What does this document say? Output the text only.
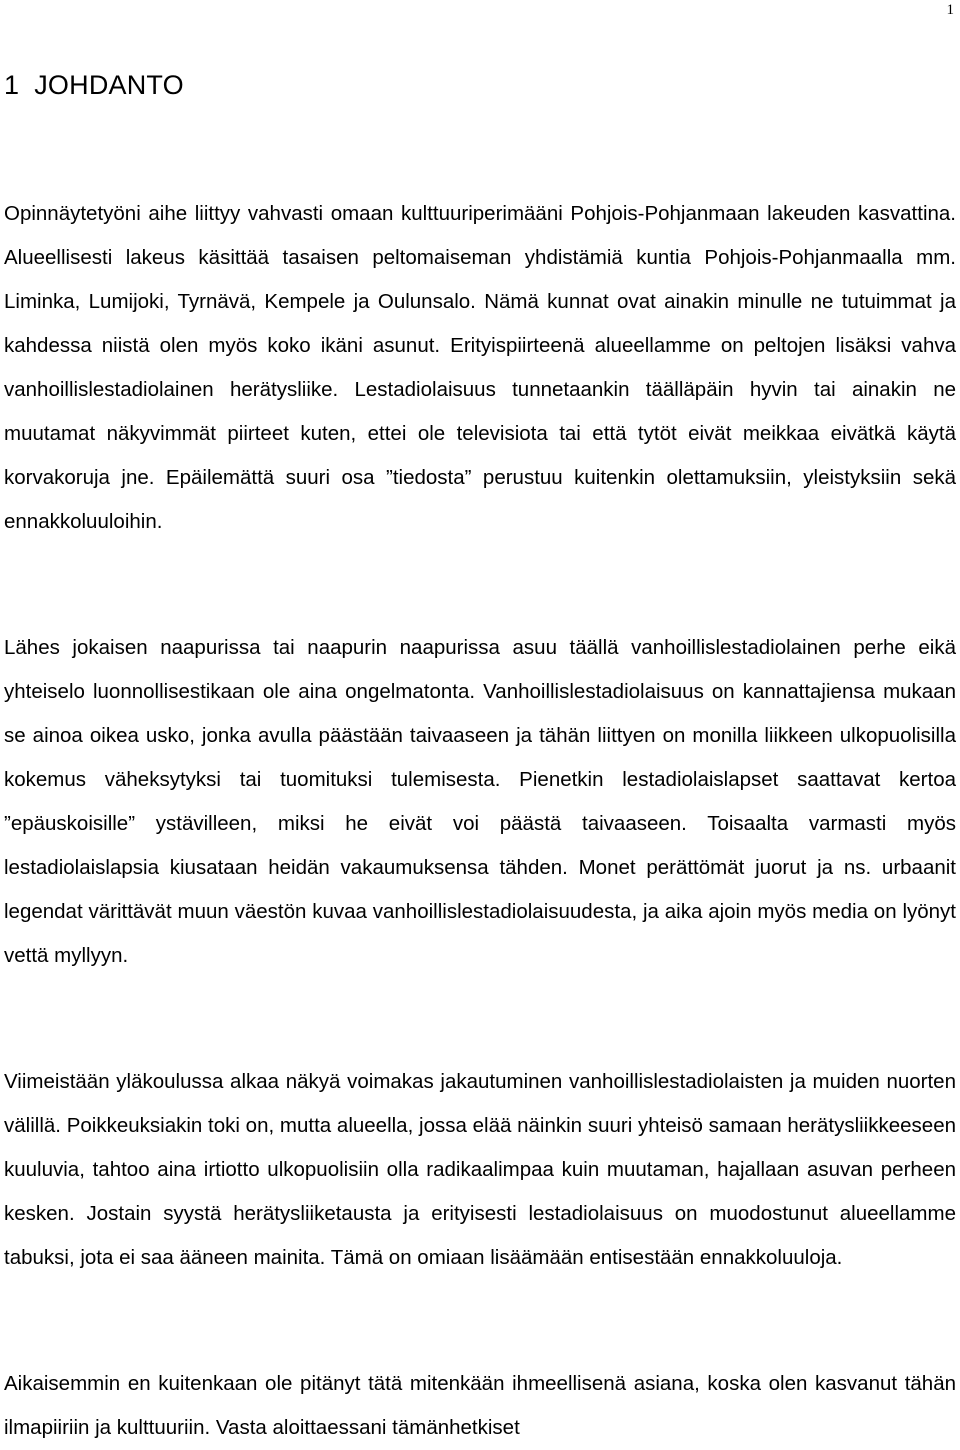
1
1 JOHDANTO

Opinnäytetyöni aihe liittyy vahvasti omaan kulttuuriperimääni Pohjois-Pohjanmaan lakeuden kasvattina. Alueellisesti lakeus käsittää tasaisen peltomaiseman yhdistämiä kuntia Pohjois-Pohjanmaalla mm. Liminka, Lumijoki, Tyrnävä, Kempele ja Oulunsalo. Nämä kunnat ovat ainakin minulle ne tutuimmat ja kahdessa niistä olen myös koko ikäni asunut. Erityispiirteenä alueellamme on peltojen lisäksi vahva vanhoillislestadiolainen herätysliike. Lestadiolaisuus tunnetaankin täälläpäin hyvin tai ainakin ne muutamat näkyvimmät piirteet kuten, ettei ole televisiota tai että tytöt eivät meikkaa eivätkä käytä korvakoruja jne. Epäilemättä suuri osa ”tiedosta” perustuu kuitenkin olettamuksiin, yleistyksiin sekä ennakkoluuloihin.

Lähes jokaisen naapurissa tai naapurin naapurissa asuu täällä vanhoillislestadiolainen perhe eikä yhteiselo luonnollisestikaan ole aina ongelmatonta. Vanhoillislestadiolaisuus on kannattajiensa mukaan se ainoa oikea usko, jonka avulla päästään taivaaseen ja tähän liittyen on monilla liikkeen ulkopuolisilla kokemus väheksytyksi tai tuomituksi tulemisesta. Pienetkin lestadiolaislapset saattavat kertoa ”epäuskoisille” ystävilleen, miksi he eivät voi päästä taivaaseen. Toisaalta varmasti myös lestadiolaislapsia kiusataan heidän vakaumuksensa tähden. Monet perättömät juorut ja ns. urbaanit legendat värittävät muun väestön kuvaa vanhoillislestadiolaisuudesta, ja aika ajoin myös media on lyönyt vettä myllyyn.

Viimeistään yläkoulussa alkaa näkyä voimakas jakautuminen vanhoillislestadiolaisten ja muiden nuorten välillä. Poikkeuksiakin toki on, mutta alueella, jossa elää näinkin suuri yhteisö samaan herätysliikkeeseen kuuluvia, tahtoo aina irtiotto ulkopuolisiin olla radikaalimpaa kuin muutaman, hajallaan asuvan perheen kesken. Jostain syystä herätysliiketausta ja erityisesti lestadiolaisuus on muodostunut alueellamme tabuksi, jota ei saa ääneen mainita. Tämä on omiaan lisäämään entisestään ennakkoluuloja.

Aikaisemmin en kuitenkaan ole pitänyt tätä mitenkään ihmeellisenä asiana, koska olen kasvanut tähän ilmapiiriin ja kulttuuriin. Vasta aloittaessani tämänhetkiset
